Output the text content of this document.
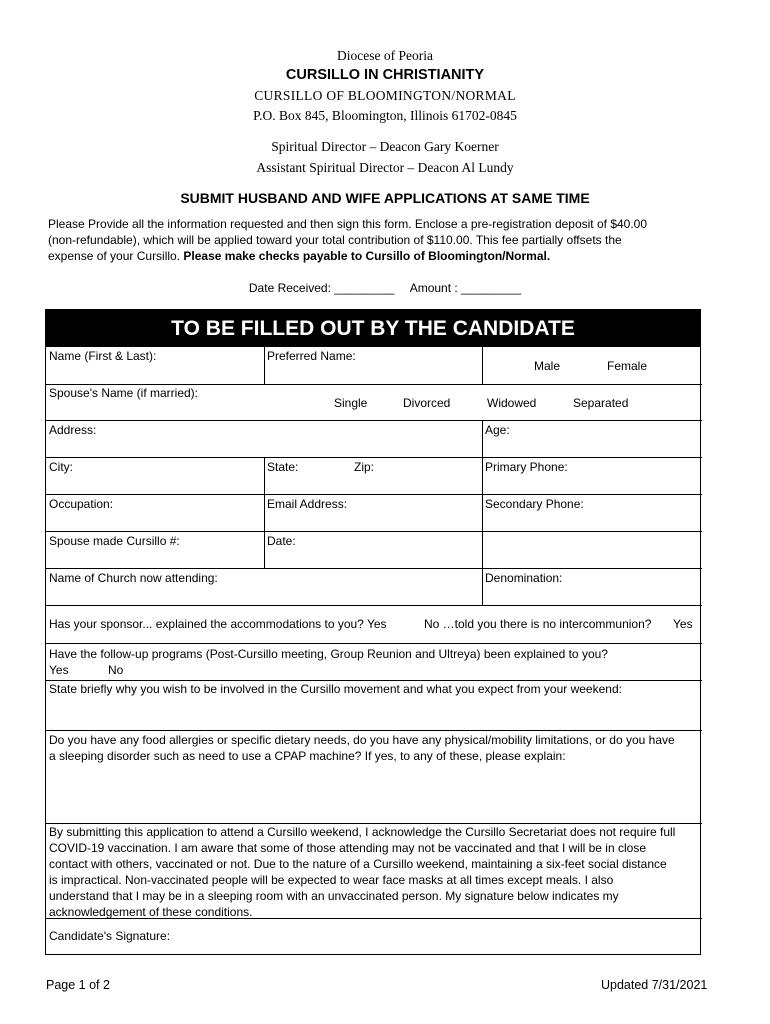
Diocese of Peoria
CURSILLO IN CHRISTIANITY
CURSILLO OF BLOOMINGTON/NORMAL
P.O. Box 845, Bloomington, Illinois 61702-0845
Spiritual Director – Deacon Gary Koerner
Assistant Spiritual Director – Deacon Al Lundy
SUBMIT HUSBAND AND WIFE APPLICATIONS AT SAME TIME

Please Provide all the information requested and then sign this form. Enclose a pre-registration deposit of $40.00

(non-refundable), which will be applied toward your total contribution of $110.00. This fee partially offsets the

expense of your Cursillo. Please make checks payable to Cursillo of Bloomington/Normal.

Date Received: _________ Amount : _________
TO BE FILLED OUT BY THE CANDIDATE
Name (First & Last):	Preferred Name:
Male	Female
Spouse's Name (if married):
Single	Divorced	Widowed	Separated
Address:	Age:
City:	State:	Zip:	Primary Phone:
Occupation:	Email Address:	Secondary Phone:
Spouse made Cursillo #:	Date:
Name of Church now attending:	Denomination:
Has your sponsor... explained the accommodations to you? Yes	No …told you there is no intercommunion? Yes
Have the follow-up programs (Post-Cursillo meeting, Group Reunion and Ultreya) been explained to you?
Yes	No
State briefly why you wish to be involved in the Cursillo movement and what you expect from your weekend:

Do you have any food allergies or specific dietary needs, do you have any physical/mobility limitations, or do you have

a sleeping disorder such as need to use a CPAP machine? If yes, to any of these, please explain:

By submitting this application to attend a Cursillo weekend, I acknowledge the Cursillo Secretariat does not require full

COVID-19 vaccination. I am aware that some of those attending may not be vaccinated and that I will be in close

contact with others, vaccinated or not. Due to the nature of a Cursillo weekend, maintaining a six-feet social distance

is impractical. Non-vaccinated people will be expected to wear face masks at all times except meals. I also

understand that I may be in a sleeping room with an unvaccinated person. My signature below indicates my

acknowledgement of these conditions.

Candidate's Signature:
Page 1 of 2	Updated 7/31/2021
